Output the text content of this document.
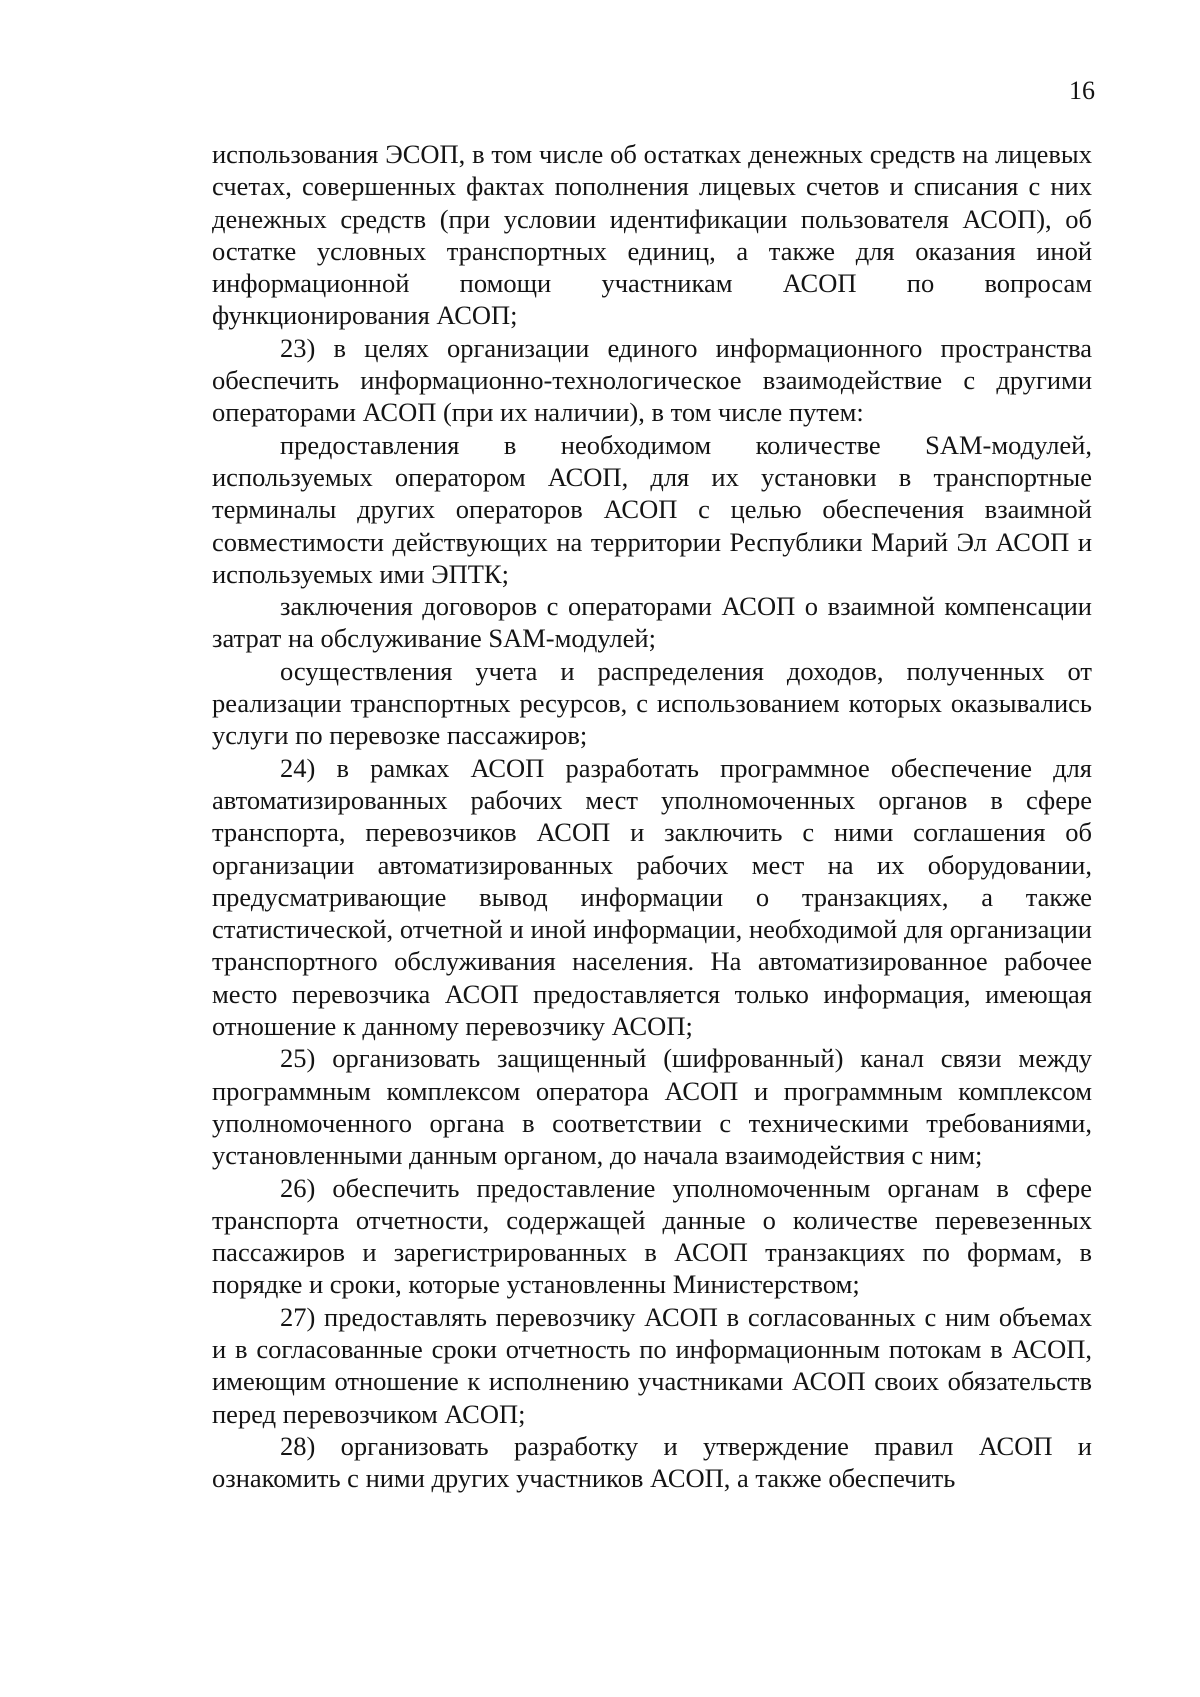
16

использования ЭСОП, в том числе об остатках денежных средств на лицевых счетах, совершенных фактах пополнения лицевых счетов и списания с них денежных средств (при условии идентификации пользователя АСОП), об остатке условных транспортных единиц, а также для оказания иной информационной помощи участникам АСОП по вопросам функционирования АСОП;

23) в целях организации единого информационного пространства обеспечить информационно-технологическое взаимодействие с другими операторами АСОП (при их наличии), в том числе путем:

предоставления в необходимом количестве SAM-модулей, используемых оператором АСОП, для их установки в транспортные терминалы других операторов АСОП с целью обеспечения взаимной совместимости действующих на территории Республики Марий Эл АСОП и используемых ими ЭПТК;

заключения договоров с операторами АСОП о взаимной компенсации затрат на обслуживание SAM-модулей;

осуществления учета и распределения доходов, полученных от реализации транспортных ресурсов, с использованием которых оказывались услуги по перевозке пассажиров;

24) в рамках АСОП разработать программное обеспечение для автоматизированных рабочих мест уполномоченных органов в сфере транспорта, перевозчиков АСОП и заключить с ними соглашения об организации автоматизированных рабочих мест на их оборудовании, предусматривающие вывод информации о транзакциях, а также статистической, отчетной и иной информации, необходимой для организации транспортного обслуживания населения. На автоматизированное рабочее место перевозчика АСОП предоставляется только информация, имеющая отношение к данному перевозчику АСОП;

25) организовать защищенный (шифрованный) канал связи между программным комплексом оператора АСОП и программным комплексом уполномоченного органа в соответствии с техническими требованиями, установленными данным органом, до начала взаимодействия с ним;

26) обеспечить предоставление уполномоченным органам в сфере транспорта отчетности, содержащей данные о количестве перевезенных пассажиров и зарегистрированных в АСОП транзакциях по формам, в порядке и сроки, которые установленны Министерством;

27) предоставлять перевозчику АСОП в согласованных с ним объемах и в согласованные сроки отчетность по информационным потокам в АСОП, имеющим отношение к исполнению участниками АСОП своих обязательств перед перевозчиком АСОП;

28) организовать разработку и утверждение правил АСОП и ознакомить с ними других участников АСОП, а также обеспечить
